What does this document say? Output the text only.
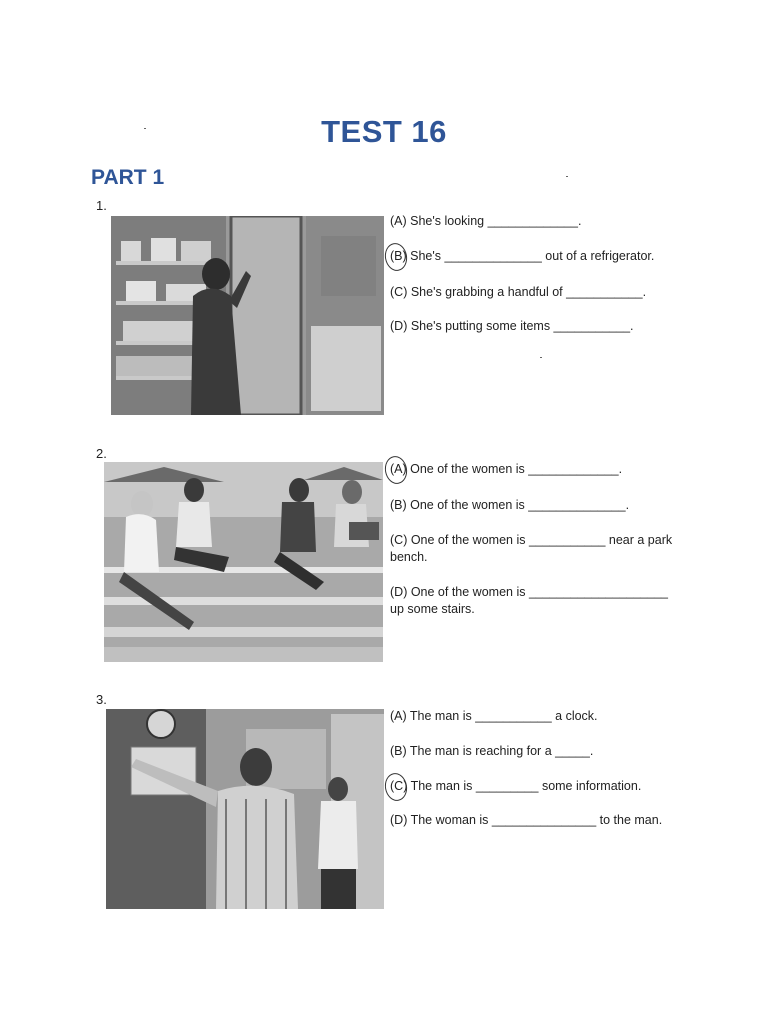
TEST 16
PART 1
1.
(A) She's looking _____________.
(B) She's ______________ out of a refrigerator.
(C) She's grabbing a handful of ___________.
(D) She's putting some items ___________.
2.
(A) One of the women is _____________.
(B) One of the women is ______________.
(C) One of the women is ___________ near a park bench.
(D) One of the women is ____________________ up some stairs.
3.
(A) The man is ___________ a clock.
(B) The man is reaching for a _____.
(C) The man is _________ some information.
(D) The woman is _______________ to the man.
